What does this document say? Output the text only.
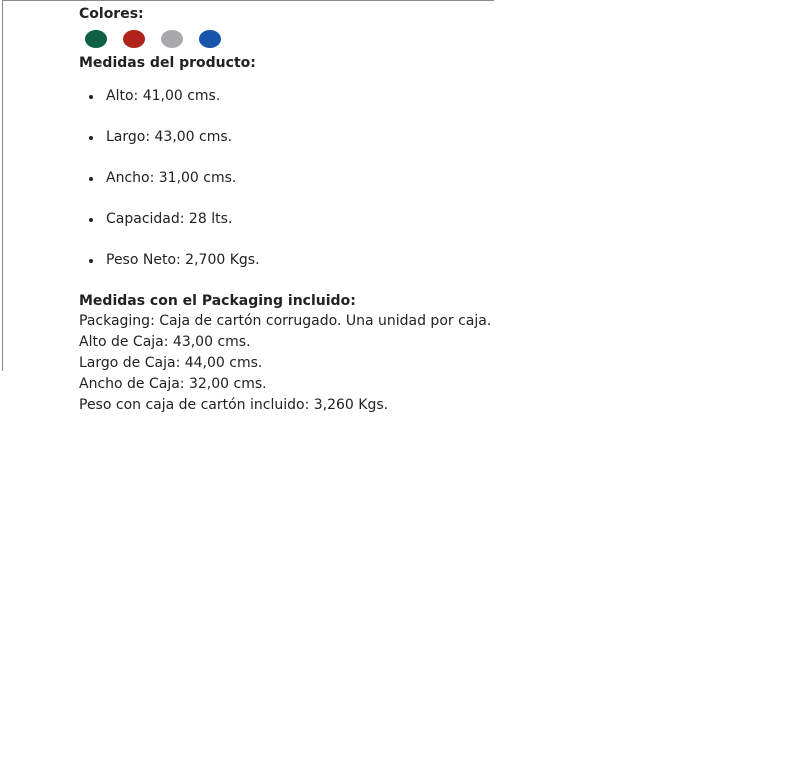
Colores:

Medidas del producto:

Alto: 41,00 cms.
Largo: 43,00 cms.
Ancho: 31,00 cms.
Capacidad: 28 lts.
Peso Neto: 2,700 Kgs.

Medidas con el Packaging incluido:

Packaging: Caja de cartón corrugado. Una unidad por caja.

Alto de Caja: 43,00 cms.

Largo de Caja: 44,00 cms.

Ancho de Caja: 32,00 cms.

Peso con caja de cartón incluido: 3,260 Kgs.
